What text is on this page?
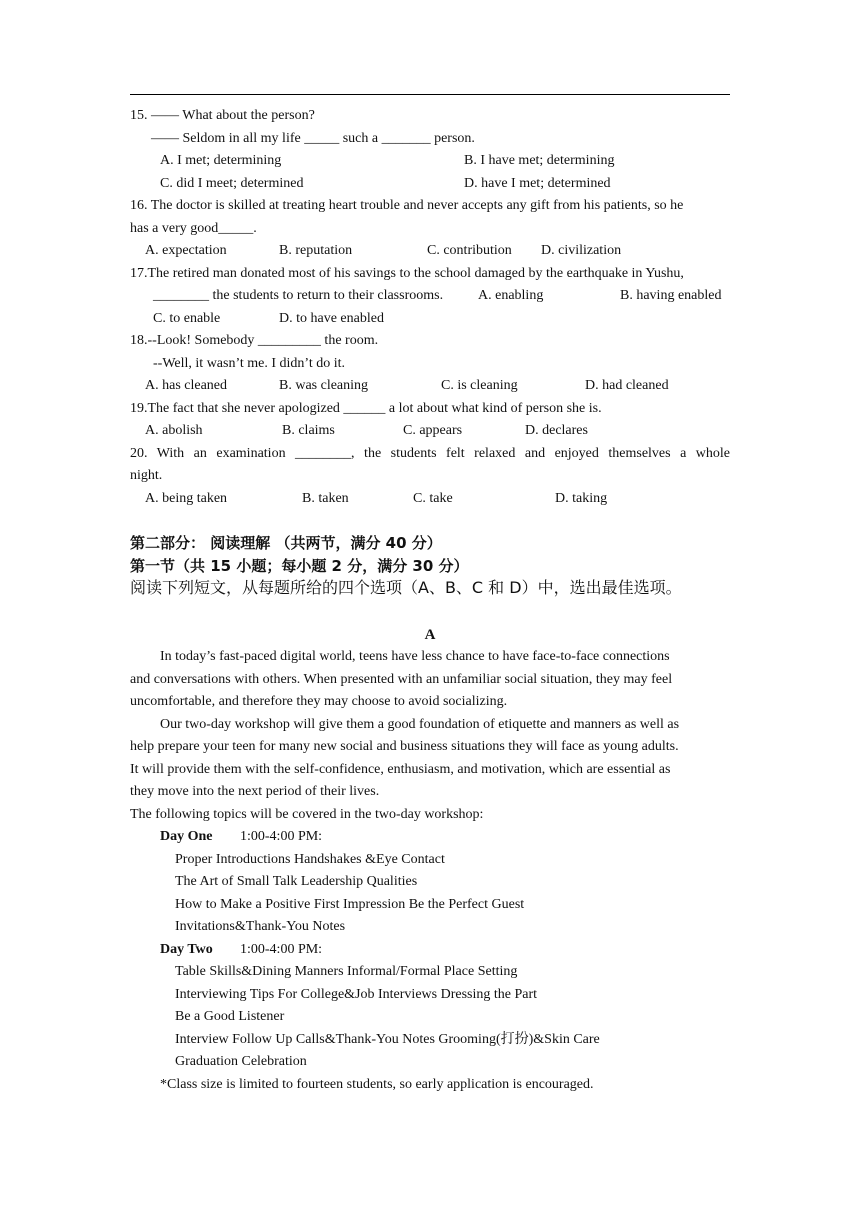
15. —— What about the person?
—— Seldom in all my life _____ such a _______ person.
A. I met; determining	B. I have met; determining
C. did I meet; determined	D. have I met; determined
16. The doctor is skilled at treating heart trouble and never accepts any gift from his patients, so he
has a very good_____.
A. expectation	B. reputation	C. contribution D. civilization
17.The retired man donated most of his savings to the school damaged by the earthquake in Yushu,
________ the students to return to their classrooms. A. enabling	B. having enabled
C. to enable	D. to have enabled
18.--Look! Somebody _________ the room.
--Well, it wasn’t me. I didn’t do it.
A. has cleaned	B. was cleaning	C. is cleaning	D. had cleaned
19.The fact that she never apologized ______ a lot about what kind of person she is.
A. abolish	B. claims	C. appears	D. declares
20. With an examination ________, the students felt relaxed and enjoyed themselves a whole
night.
A. being taken	B. taken	C. take	D. taking
第二部分： 阅读理解 （共两节，满分 40 分）
第一节（共 15 小题；每小题 2 分，满分 30 分）
阅读下列短文，从每题所给的四个选项（A、B、C 和 D）中，选出最佳选项。
A
In today’s fast-paced digital world, teens have less chance to have face-to-face connections
and conversations with others. When presented with an unfamiliar social situation, they may feel
uncomfortable, and therefore they may choose to avoid socializing.
Our two-day workshop will give them a good foundation of etiquette and manners as well as
help prepare your teen for many new social and business situations they will face as young adults.
It will provide them with the self-confidence, enthusiasm, and motivation, which are essential as
they move into the next period of their lives.
The following topics will be covered in the two-day workshop:
Day One 1:00-4:00 PM:
Proper Introductions Handshakes &Eye Contact
The Art of Small Talk Leadership Qualities
How to Make a Positive First Impression Be the Perfect Guest
Invitations&Thank-You Notes
Day Two 1:00-4:00 PM:
Table Skills&Dining Manners Informal/Formal Place Setting
Interviewing Tips For College&Job Interviews Dressing the Part
Be a Good Listener
Interview Follow Up Calls&Thank-You Notes Grooming(打扮)&Skin Care
Graduation Celebration
*Class size is limited to fourteen students, so early application is encouraged.
